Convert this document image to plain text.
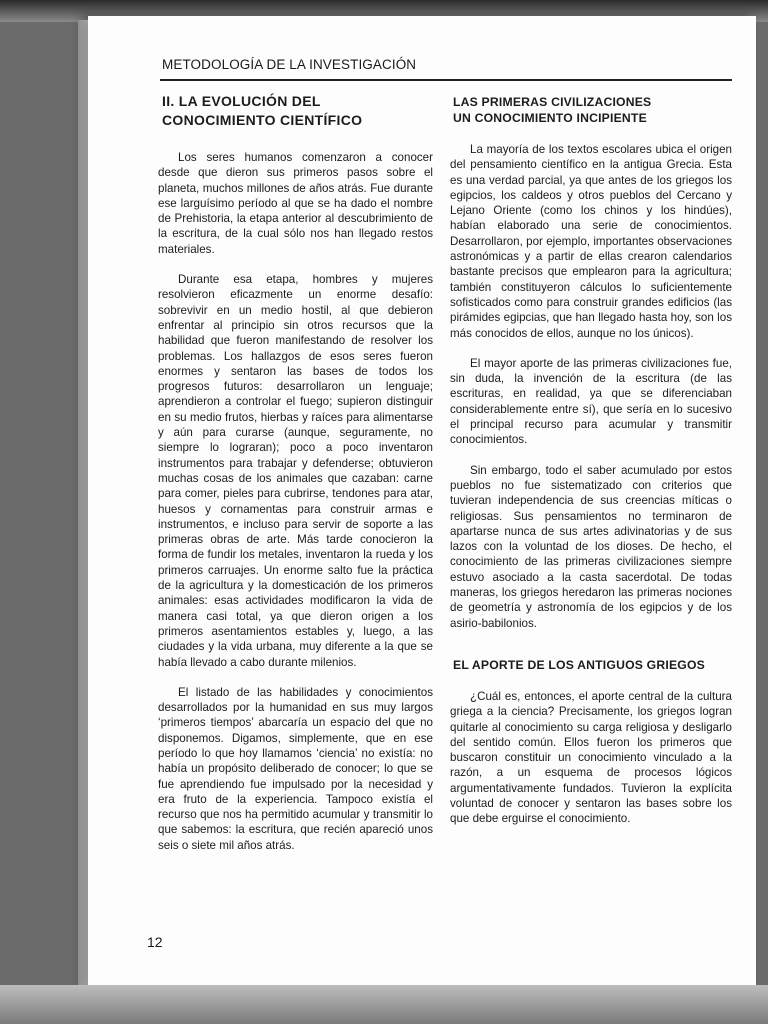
METODOLOGÍA DE LA INVESTIGACIÓN
II. LA EVOLUCIÓN DEL
CONOCIMIENTO CIENTÍFICO

Los seres humanos comenzaron a conocer desde que dieron sus primeros pasos sobre el planeta, muchos millones de años atrás. Fue durante ese larguísimo período al que se ha dado el nombre de Prehistoria, la etapa anterior al descubrimiento de la escritura, de la cual sólo nos han llegado restos materiales.

Durante esa etapa, hombres y mujeres resolvieron eficazmente un enorme desafío: sobrevivir en un medio hostil, al que debieron enfrentar al principio sin otros recursos que la habilidad que fueron manifestando de resolver los problemas. Los hallazgos de esos seres fueron enormes y sentaron las bases de todos los progresos futuros: desarrollaron un lenguaje; aprendieron a controlar el fuego; supieron distinguir en su medio frutos, hierbas y raíces para alimentarse y aún para curarse (aunque, seguramente, no siempre lo lograran); poco a poco inventaron instrumentos para trabajar y defenderse; obtuvieron muchas cosas de los animales que cazaban: carne para comer, pieles para cubrirse, tendones para atar, huesos y cornamentas para construir armas e instrumentos, e incluso para servir de soporte a las primeras obras de arte. Más tarde conocieron la forma de fundir los metales, inventaron la rueda y los primeros carruajes. Un enorme salto fue la práctica de la agricultura y la domesticación de los primeros animales: esas actividades modificaron la vida de manera casi total, ya que dieron origen a los primeros asentamientos estables y, luego, a las ciudades y la vida urbana, muy diferente a la que se había llevado a cabo durante milenios.

El listado de las habilidades y conocimientos desarrollados por la humanidad en sus muy largos ‘primeros tiempos’ abarcaría un espacio del que no disponemos. Digamos, simplemente, que en ese período lo que hoy llamamos ‘ciencia’ no existía: no había un propósito deliberado de conocer; lo que se fue aprendiendo fue impulsado por la necesidad y era fruto de la experiencia. Tampoco existía el recurso que nos ha permitido acumular y transmitir lo que sabemos: la escritura, que recién apareció unos seis o siete mil años atrás.

LAS PRIMERAS CIVILIZACIONES
UN CONOCIMIENTO INCIPIENTE

La mayoría de los textos escolares ubica el origen del pensamiento científico en la antigua Grecia. Esta es una verdad parcial, ya que antes de los griegos los egipcios, los caldeos y otros pueblos del Cercano y Lejano Oriente (como los chinos y los hindúes), habían elaborado una serie de conocimientos. Desarrollaron, por ejemplo, importantes observaciones astronómicas y a partir de ellas crearon calendarios bastante precisos que emplearon para la agricultura; también constituyeron cálculos lo suficientemente sofisticados como para construir grandes edificios (las pirámides egipcias, que han llegado hasta hoy, son los más conocidos de ellos, aunque no los únicos).

El mayor aporte de las primeras civilizaciones fue, sin duda, la invención de la escritura (de las escrituras, en realidad, ya que se diferenciaban considerablemente entre sí), que sería en lo sucesivo el principal recurso para acumular y transmitir conocimientos.

Sin embargo, todo el saber acumulado por estos pueblos no fue sistematizado con criterios que tuvieran independencia de sus creencias míticas o religiosas. Sus pensamientos no terminaron de apartarse nunca de sus artes adivinatorias y de sus lazos con la voluntad de los dioses. De hecho, el conocimiento de las primeras civilizaciones siempre estuvo asociado a la casta sacerdotal. De todas maneras, los griegos heredaron las primeras nociones de geometría y astronomía de los egipcios y de los asirio-babilonios.

EL APORTE DE LOS ANTIGUOS GRIEGOS

¿Cuál es, entonces, el aporte central de la cultura griega a la ciencia? Precisamente, los griegos logran quitarle al conocimiento su carga religiosa y desligarlo del sentido común. Ellos fueron los primeros que buscaron constituir un conocimiento vinculado a la razón, a un esquema de procesos lógicos argumentativamente fundados. Tuvieron la explícita voluntad de conocer y sentaron las bases sobre los que debe erguirse el conocimiento.

12
